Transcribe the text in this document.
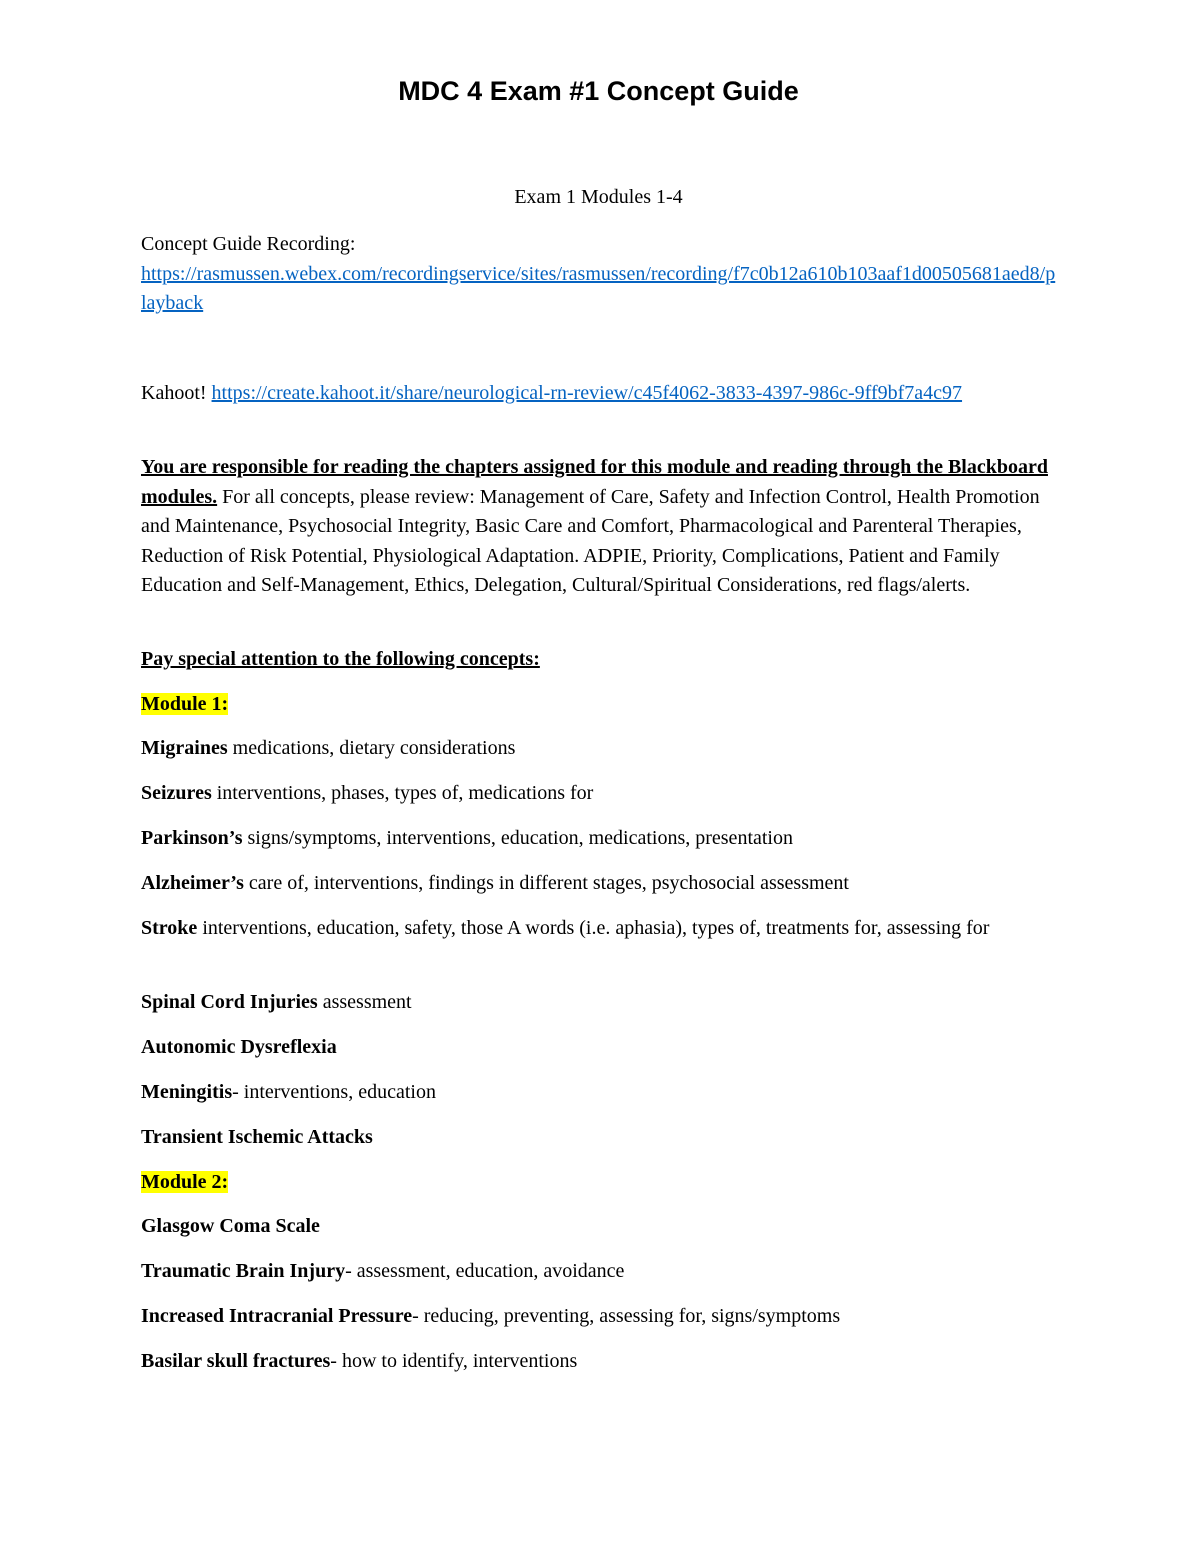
MDC 4 Exam #1 Concept Guide
Exam 1 Modules 1-4
Concept Guide Recording:
https://rasmussen.webex.com/recordingservice/sites/rasmussen/recording/f7c0b12a610b103aaf1d00505681aed8/playback
Kahoot! https://create.kahoot.it/share/neurological-rn-review/c45f4062-3833-4397-986c-9ff9bf7a4c97
You are responsible for reading the chapters assigned for this module and reading through the Blackboard modules. For all concepts, please review: Management of Care, Safety and Infection Control, Health Promotion and Maintenance, Psychosocial Integrity, Basic Care and Comfort, Pharmacological and Parenteral Therapies, Reduction of Risk Potential, Physiological Adaptation. ADPIE, Priority, Complications, Patient and Family Education and Self-Management, Ethics, Delegation, Cultural/Spiritual Considerations, red flags/alerts.
Pay special attention to the following concepts:
Module 1:
Migraines medications, dietary considerations
Seizures interventions, phases, types of, medications for
Parkinson’s signs/symptoms, interventions, education, medications, presentation
Alzheimer’s care of, interventions, findings in different stages, psychosocial assessment
Stroke interventions, education, safety, those A words (i.e. aphasia), types of, treatments for, assessing for
Spinal Cord Injuries assessment
Autonomic Dysreflexia
Meningitis- interventions, education
Transient Ischemic Attacks
Module 2:
Glasgow Coma Scale
Traumatic Brain Injury- assessment, education, avoidance
Increased Intracranial Pressure- reducing, preventing, assessing for, signs/symptoms
Basilar skull fractures- how to identify, interventions
